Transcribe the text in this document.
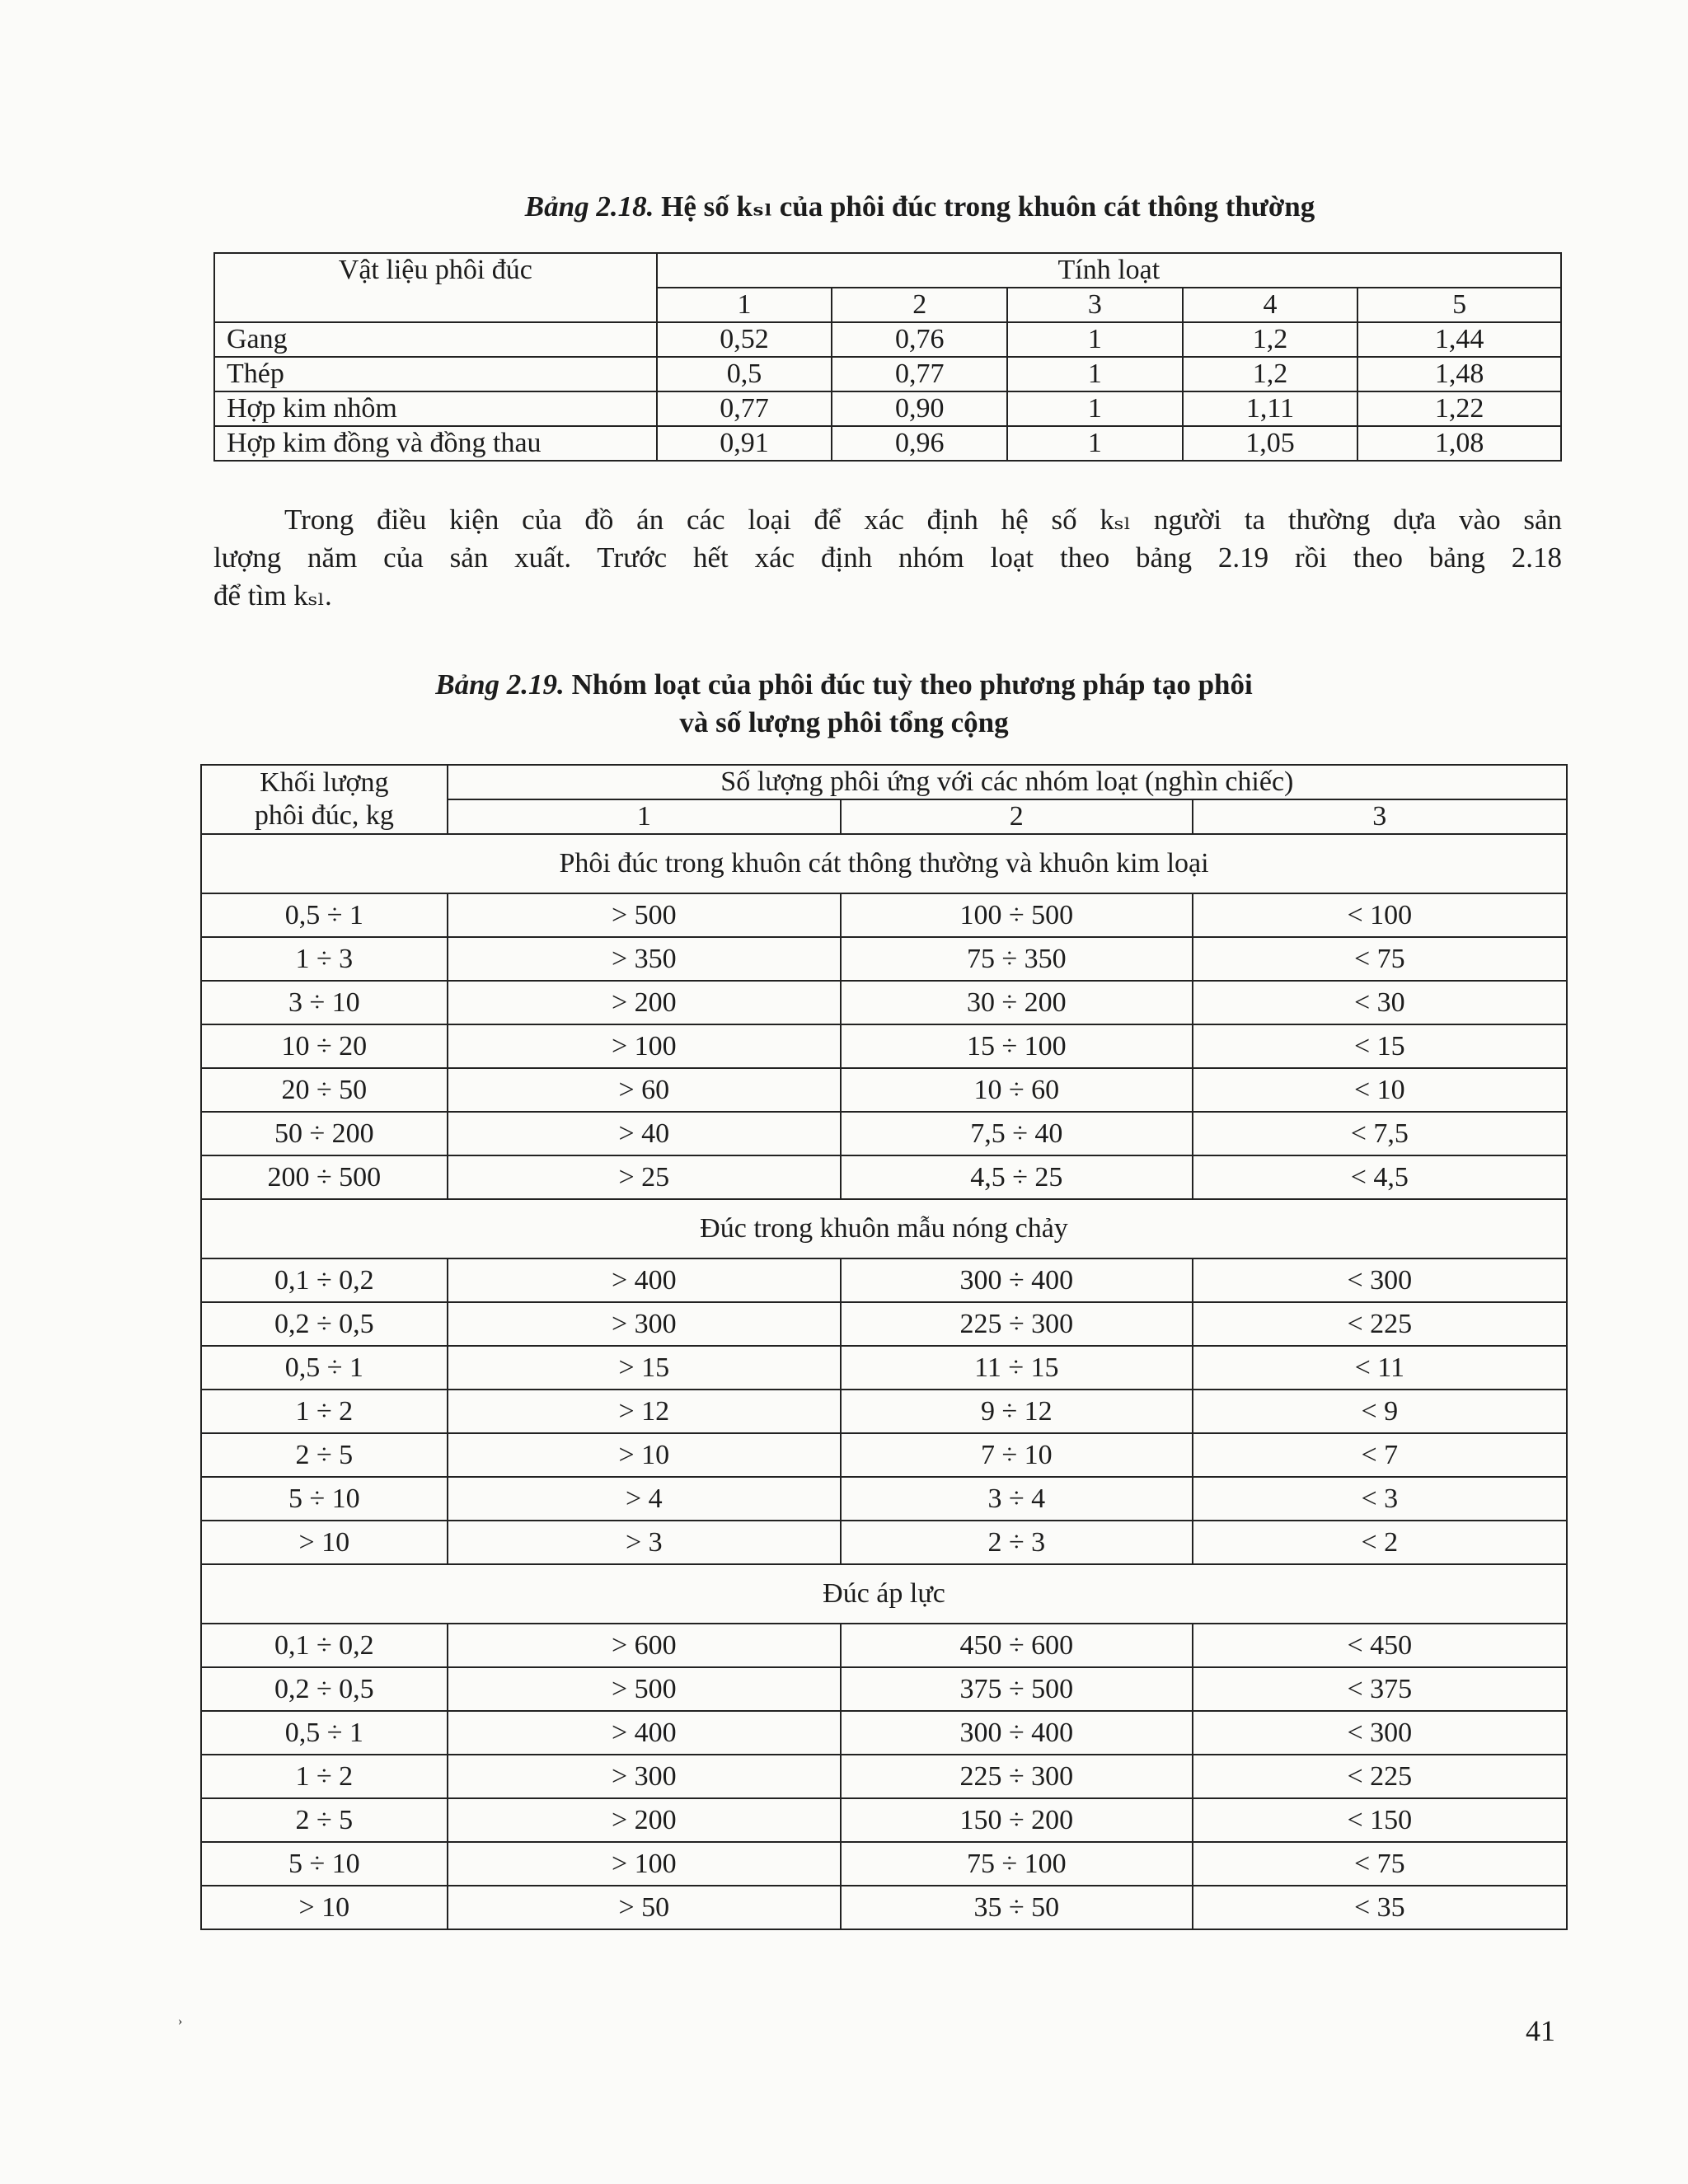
Bảng 2.18. Hệ số kₛₗ của phôi đúc trong khuôn cát thông thường

Vật liệu phôi đúc	Tính loạt				
	1	2	3	4	5
Gang	0,52	0,76	1	1,2	1,44
Thép	0,5	0,77	1	1,2	1,48
Hợp kim nhôm	0,77	0,90	1	1,11	1,22
Hợp kim đồng và đồng thau	0,91	0,96	1	1,05	1,08

Trong điều kiện của đồ án các loại để xác định hệ số kₛₗ người ta thường dựa vào sản
lượng năm của sản xuất. Trước hết xác định nhóm loạt theo bảng 2.19 rồi theo bảng 2.18
để tìm kₛₗ.

Bảng 2.19. Nhóm loạt của phôi đúc tuỳ theo phương pháp tạo phôi
và số lượng phôi tổng cộng

Khối lượng
phôi đúc, kg	Số lượng phôi ứng với các nhóm loạt (nghìn chiếc)		
	1	2	3
Phôi đúc trong khuôn cát thông thường và khuôn kim loại			
0,5 ÷ 1	> 500	100 ÷ 500	< 100
1 ÷ 3	> 350	75 ÷ 350	< 75
3 ÷ 10	> 200	30 ÷ 200	< 30
10 ÷ 20	> 100	15 ÷ 100	< 15
20 ÷ 50	> 60	10 ÷ 60	< 10
50 ÷ 200	> 40	7,5 ÷ 40	< 7,5
200 ÷ 500	> 25	4,5 ÷ 25	< 4,5
Đúc trong khuôn mẫu nóng chảy			
0,1 ÷ 0,2	> 400	300 ÷ 400	< 300
0,2 ÷ 0,5	> 300	225 ÷ 300	< 225
0,5 ÷ 1	> 15	11 ÷ 15	< 11
1 ÷ 2	> 12	9 ÷ 12	< 9
2 ÷ 5	> 10	7 ÷ 10	< 7
5 ÷ 10	> 4	3 ÷ 4	< 3
> 10	> 3	2 ÷ 3	< 2
Đúc áp lực			
0,1 ÷ 0,2	> 600	450 ÷ 600	< 450
0,2 ÷ 0,5	> 500	375 ÷ 500	< 375
0,5 ÷ 1	> 400	300 ÷ 400	< 300
1 ÷ 2	> 300	225 ÷ 300	< 225
2 ÷ 5	> 200	150 ÷ 200	< 150
5 ÷ 10	> 100	75 ÷ 100	< 75
> 10	> 50	35 ÷ 50	< 35
41
›
